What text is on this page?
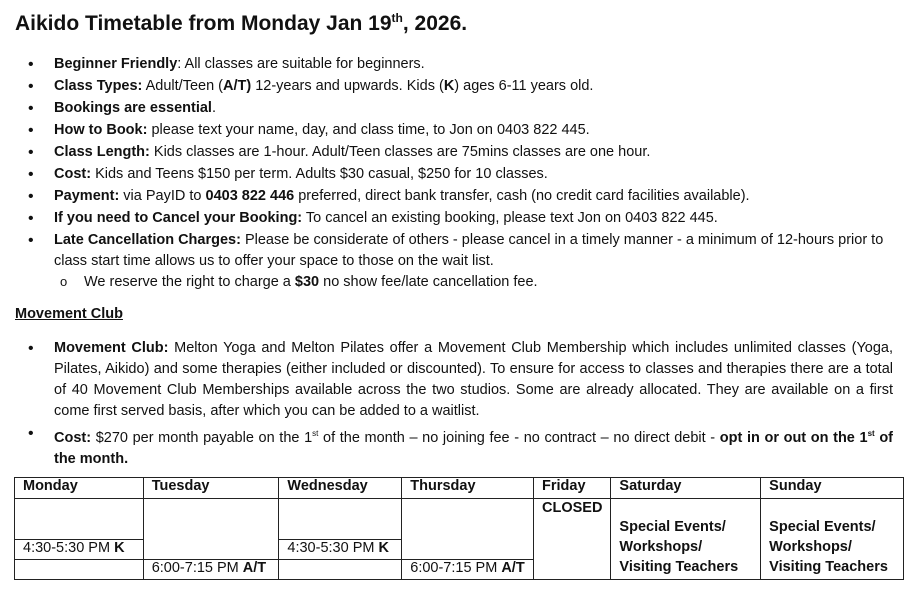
Aikido Timetable from Monday Jan 19th, 2026.
• Beginner Friendly: All classes are suitable for beginners.
• Class Types: Adult/Teen (A/T) 12-years and upwards. Kids (K) ages 6-11 years old.
• Bookings are essential.
• How to Book: please text your name, day, and class time, to Jon on 0403 822 445.
• Class Length: Kids classes are 1-hour. Adult/Teen classes are 75mins classes are one hour.
• Cost: Kids and Teens $150 per term. Adults $30 casual, $250 for 10 classes.
• Payment: via PayID to 0403 822 446 preferred, direct bank transfer, cash (no credit card facilities available).
• If you need to Cancel your Booking: To cancel an existing booking, please text Jon on 0403 822 445.
• Late Cancellation Charges: Please be considerate of others - please cancel in a timely manner - a minimum of 12-hours prior to class start time allows us to offer your space to those on the wait list.
o We reserve the right to charge a $30 no show fee/late cancellation fee.
Movement Club
• Movement Club: Melton Yoga and Melton Pilates offer a Movement Club Membership which includes unlimited classes (Yoga, Pilates, Aikido) and some therapies (either included or discounted). To ensure for access to classes and therapies there are a total of 40 Movement Club Memberships available across the two studios. Some are already allocated. They are available on a first come first served basis, after which you can be added to a waitlist.
• Cost: $270 per month payable on the 1st of the month – no joining fee - no contract – no direct debit - opt in or out on the 1st of the month.
Monday	Tuesday	Wednesday	Thursday	Friday	Saturday	Sunday
				CLOSED	Special Events/
Workshops/
Visiting Teachers	Special Events/
Workshops/
Visiting Teachers
4:30-5:30 PM K		4:30-5:30 PM K				
	6:00-7:15 PM A/T		6:00-7:15 PM A/T			
